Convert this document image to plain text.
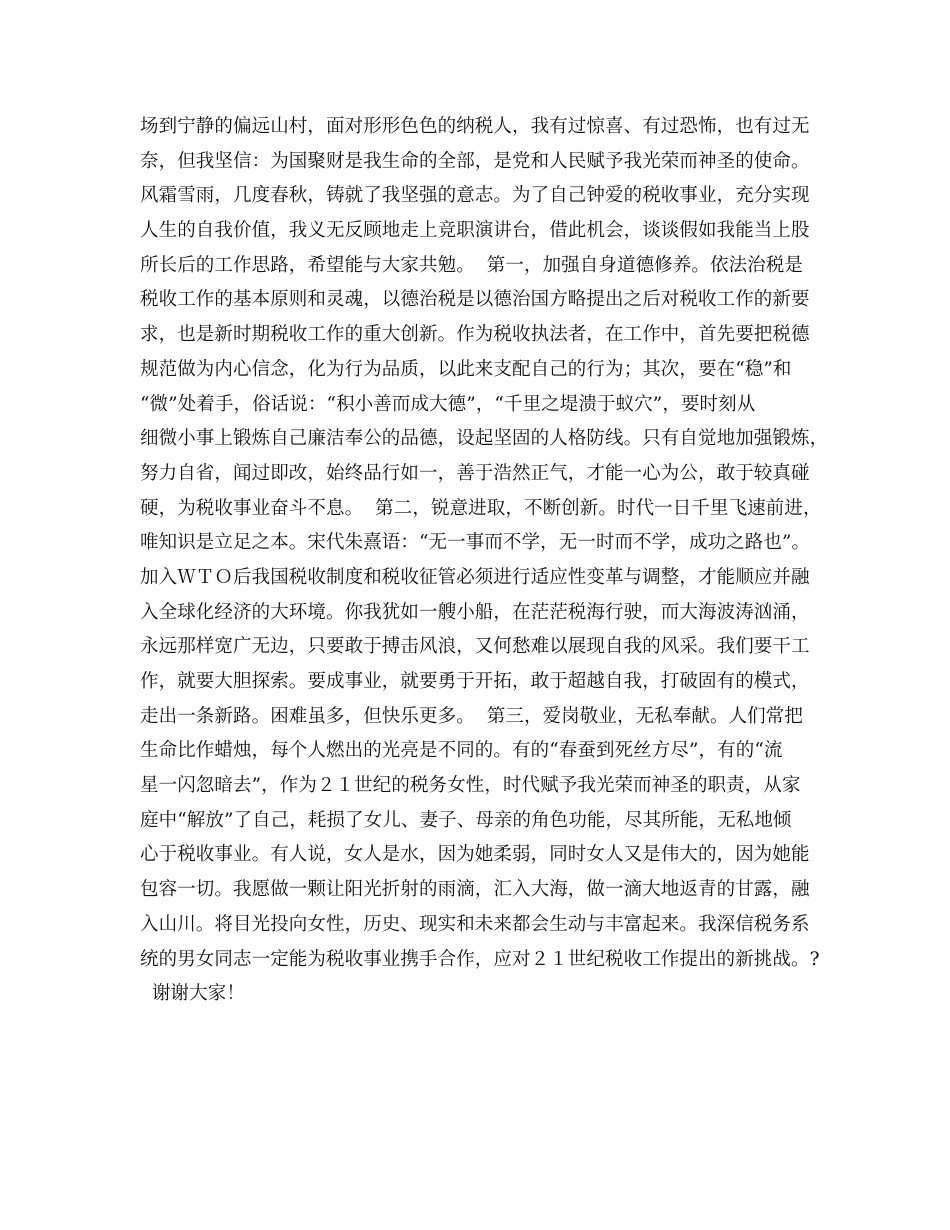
场到宁静的偏远山村，面对形形色色的纳税人，我有过惊喜、有过恐怖，也有过无
奈，但我坚信：为国聚财是我生命的全部，是党和人民赋予我光荣而神圣的使命。
风霜雪雨，几度春秋，铸就了我坚强的意志。为了自己钟爱的税收事业，充分实现
人生的自我价值，我义无反顾地走上竞职演讲台，借此机会，谈谈假如我能当上股
所长后的工作思路，希望能与大家共勉。  第一，加强自身道德修养。依法治税是
税收工作的基本原则和灵魂，以德治税是以德治国方略提出之后对税收工作的新要
求，也是新时期税收工作的重大创新。作为税收执法者，在工作中，首先要把税德
规范做为内心信念，化为行为品质，以此来支配自己的行为；其次，要在“稳”和
“微”处着手，俗话说：“积小善而成大德”，“千里之堤溃于蚁穴”，要时刻从
细微小事上锻炼自己廉洁奉公的品德，设起坚固的人格防线。只有自觉地加强锻炼，
努力自省，闻过即改，始终品行如一，善于浩然正气，才能一心为公，敢于较真碰
硬，为税收事业奋斗不息。  第二，锐意进取，不断创新。时代一日千里飞速前进，
唯知识是立足之本。宋代朱熹语：“无一事而不学，无一时而不学，成功之路也”。
加入ＷＴＯ后我国税收制度和税收征管必须进行适应性变革与调整，才能顺应并融
入全球化经济的大环境。你我犹如一艘小船，在茫茫税海行驶，而大海波涛汹涌，
永远那样宽广无边，只要敢于搏击风浪，又何愁难以展现自我的风采。我们要干工
作，就要大胆探索。要成事业，就要勇于开拓，敢于超越自我，打破固有的模式，
走出一条新路。困难虽多，但快乐更多。  第三，爱岗敬业，无私奉献。人们常把
生命比作蜡烛，每个人燃出的光亮是不同的。有的“春蚕到死丝方尽”，有的“流
星一闪忽暗去”，作为２１世纪的税务女性，时代赋予我光荣而神圣的职责，从家
庭中“解放”了自己，耗损了女儿、妻子、母亲的角色功能，尽其所能，无私地倾
心于税收事业。有人说，女人是水，因为她柔弱，同时女人又是伟大的，因为她能
包容一切。我愿做一颗让阳光折射的雨滴，汇入大海，做一滴大地返青的甘露，融
入山川。将目光投向女性，历史、现实和未来都会生动与丰富起来。我深信税务系
统的男女同志一定能为税收事业携手合作，应对２１世纪税收工作提出的新挑战。?
谢谢大家！
